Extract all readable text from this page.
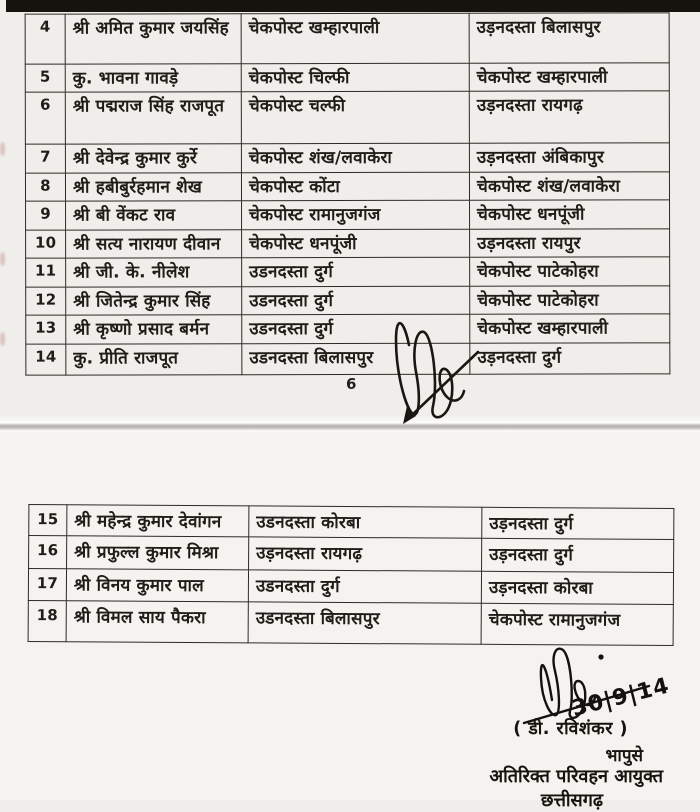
4	श्री अमित कुमार जयसिंह	चेकपोस्ट खम्हारपाली	उड़नदस्ता बिलासपुर
5	कु. भावना गावड़े	चेकपोस्ट चिल्फी	चेकपोस्ट खम्हारपाली
6	श्री पद्मराज सिंह राजपूत	चेकपोस्ट चल्फी	उड़नदस्ता रायगढ़
7	श्री देवेन्द्र कुमार कुर्रे	चेकपोस्ट शंख/लवाकेरा	उड़नदस्ता अंबिकापुर
8	श्री हबीबुर्रहमान शेख	चेकपोस्ट कोंटा	चेकपोस्ट शंख/लवाकेरा
9	श्री बी वेंकट राव	चेकपोस्ट रामानुजगंज	चेकपोस्ट धनपूंजी
10	श्री सत्य नारायण दीवान	चेकपोस्ट धनपूंजी	उड़नदस्ता रायपुर
11	श्री जी. के. नीलेश	उडनदस्ता दुर्ग	चेकपोस्ट पाटेकोहरा
12	श्री जितेन्द्र कुमार सिंह	उडनदस्ता दुर्ग	चेकपोस्ट पाटेकोहरा
13	श्री कृष्णो प्रसाद बर्मन	उडनदस्ता दुर्ग	चेकपोस्ट खम्हारपाली
14	कु. प्रीति राजपूत	उडनदस्ता बिलासपुर	उड़नदस्ता दुर्ग
6
15	श्री महेन्द्र कुमार देवांगन	उडनदस्ता कोरबा	उड़नदस्ता दुर्ग
16	श्री प्रफुल्ल कुमार मिश्रा	उड़नदस्ता रायगढ़	उड़नदस्ता दुर्ग
17	श्री विनय कुमार पाल	उडनदस्ता दुर्ग	उड़नदस्ता कोरबा
18	श्री विमल साय पैकरा	उडनदस्ता बिलासपुर	चेकपोस्ट रामानुजगंज
( डी. रविशंकर )
भापुसे
अतिरिक्त परिवहन आयुक्त
छत्तीसगढ़
30|9|14
